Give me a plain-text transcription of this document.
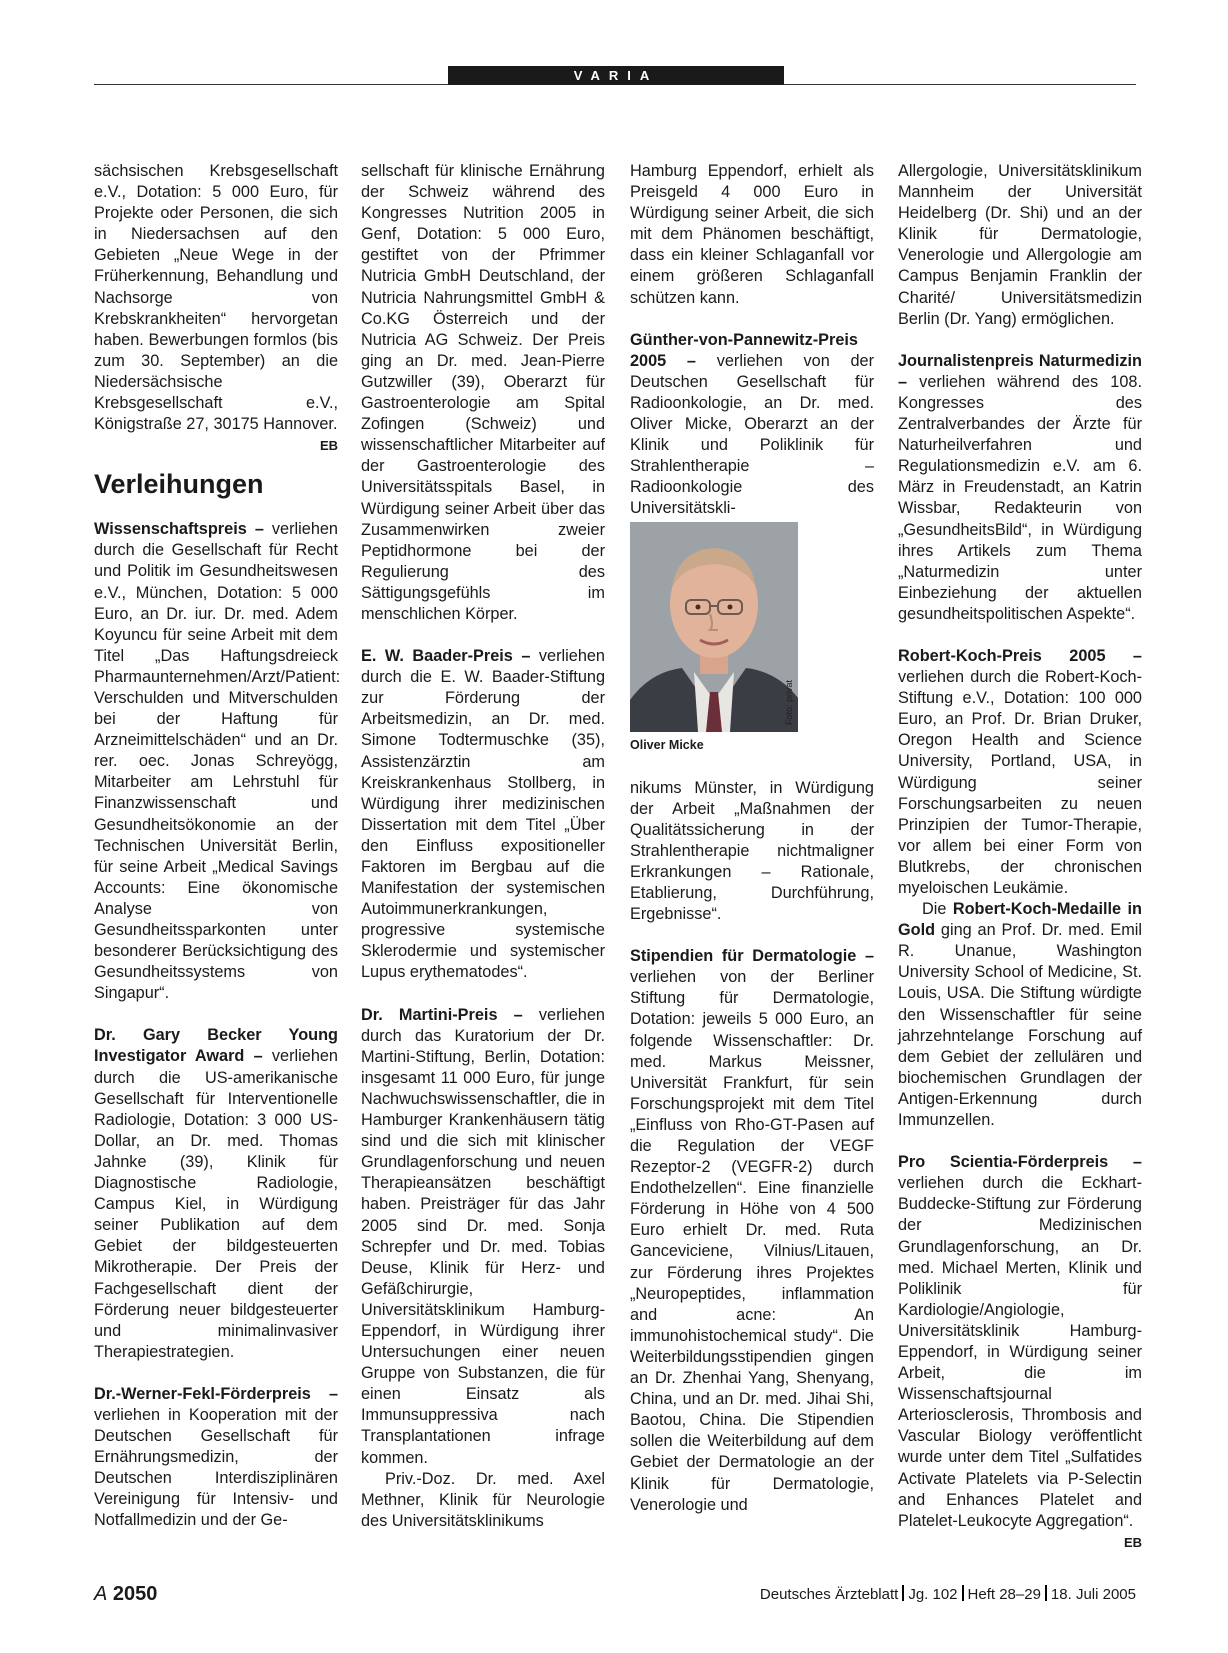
VARIA

sächsischen Krebsgesellschaft e.V., Dotation: 5 000 Euro, für Projekte oder Personen, die sich in Niedersachsen auf den Gebieten „Neue Wege in der Früherkennung, Behandlung und Nachsorge von Krebskrankheiten“ hervorgetan haben. Bewerbungen formlos (bis zum 30. September) an die Niedersächsische Krebsgesellschaft e.V., Königstraße 27, 30175 Hannover.
EB

Verleihungen

Wissenschaftspreis – verliehen durch die Gesellschaft für Recht und Politik im Gesundheitswesen e.V., München, Dotation: 5 000 Euro, an Dr. iur. Dr. med. Adem Koyuncu für seine Arbeit mit dem Titel „Das Haftungsdreieck Pharmaunternehmen/Arzt/Patient: Verschulden und Mitverschulden bei der Haftung für Arzneimittelschäden“ und an Dr. rer. oec. Jonas Schreyögg, Mitarbeiter am Lehrstuhl für Finanzwissenschaft und Gesundheitsökonomie an der Technischen Universität Berlin, für seine Arbeit „Medical Savings Accounts: Eine ökonomische Analyse von Gesundheitssparkonten unter besonderer Berücksichtigung des Gesundheitssystems von Singapur“.

Dr. Gary Becker Young Investigator Award – verliehen durch die US-amerikanische Gesellschaft für Interventionelle Radiologie, Dotation: 3 000 US-Dollar, an Dr. med. Thomas Jahnke (39), Klinik für Diagnostische Radiologie, Campus Kiel, in Würdigung seiner Publikation auf dem Gebiet der bildgesteuerten Mikrotherapie. Der Preis der Fachgesellschaft dient der Förderung neuer bildgesteuerter und minimalinvasiver Therapiestrategien.

Dr.-Werner-Fekl-Förderpreis – verliehen in Kooperation mit der Deutschen Gesellschaft für Ernährungsmedizin, der Deutschen Interdisziplinären Vereinigung für Intensiv- und Notfallmedizin und der Ge-

sellschaft für klinische Ernährung der Schweiz während des Kongresses Nutrition 2005 in Genf, Dotation: 5 000 Euro, gestiftet von der Pfrimmer Nutricia GmbH Deutschland, der Nutricia Nahrungsmittel GmbH & Co.KG Österreich und der Nutricia AG Schweiz. Der Preis ging an Dr. med. Jean-Pierre Gutzwiller (39), Oberarzt für Gastroenterologie am Spital Zofingen (Schweiz) und wissenschaftlicher Mitarbeiter auf der Gastroenterologie des Universitätsspitals Basel, in Würdigung seiner Arbeit über das Zusammenwirken zweier Peptidhormone bei der Regulierung des Sättigungsgefühls im menschlichen Körper.

E. W. Baader-Preis – verliehen durch die E. W. Baader-Stiftung zur Förderung der Arbeitsmedizin, an Dr. med. Simone Todtermuschke (35), Assistenzärztin am Kreiskrankenhaus Stollberg, in Würdigung ihrer medizinischen Dissertation mit dem Titel „Über den Einfluss expositioneller Faktoren im Bergbau auf die Manifestation der systemischen Autoimmunerkrankungen, progressive systemische Sklerodermie und systemischer Lupus erythematodes“.

Dr. Martini-Preis – verliehen durch das Kuratorium der Dr. Martini-Stiftung, Berlin, Dotation: insgesamt 11 000 Euro, für junge Nachwuchswissenschaftler, die in Hamburger Krankenhäusern tätig sind und die sich mit klinischer Grundlagenforschung und neuen Therapieansätzen beschäftigt haben. Preisträger für das Jahr 2005 sind Dr. med. Sonja Schrepfer und Dr. med. Tobias Deuse, Klinik für Herz- und Gefäßchirurgie, Universitätsklinikum Hamburg-Eppendorf, in Würdigung ihrer Untersuchungen einer neuen Gruppe von Substanzen, die für einen Einsatz als Immunsuppressiva nach Transplantationen infrage kommen.

Priv.-Doz. Dr. med. Axel Methner, Klinik für Neurologie des Universitätsklinikums

Hamburg Eppendorf, erhielt als Preisgeld 4 000 Euro in Würdigung seiner Arbeit, die sich mit dem Phänomen beschäftigt, dass ein kleiner Schlaganfall vor einem größeren Schlaganfall schützen kann.

Günther-von-Pannewitz-Preis 2005 – verliehen von der Deutschen Gesellschaft für Radioonkologie, an Dr. med. Oliver Micke, Oberarzt an der Klinik und Poliklinik für Strahlentherapie – Radioonkologie des Universitätskli-

Foto: privat
Oliver Micke

nikums Münster, in Würdigung der Arbeit „Maßnahmen der Qualitätssicherung in der Strahlentherapie nichtmaligner Erkrankungen – Rationale, Etablierung, Durchführung, Ergebnisse“.

Stipendien für Dermatologie – verliehen von der Berliner Stiftung für Dermatologie, Dotation: jeweils 5 000 Euro, an folgende Wissenschaftler: Dr. med. Markus Meissner, Universität Frankfurt, für sein Forschungsprojekt mit dem Titel „Einfluss von Rho-GT-Pasen auf die Regulation der VEGF Rezeptor-2 (VEGFR-2) durch Endothelzellen“. Eine finanzielle Förderung in Höhe von 4 500 Euro erhielt Dr. med. Ruta Ganceviciene, Vilnius/Litauen, zur Förderung ihres Projektes „Neuropeptides, inflammation and acne: An immunohistochemical study“. Die Weiterbildungsstipendien gingen an Dr. Zhenhai Yang, Shenyang, China, und an Dr. med. Jihai Shi, Baotou, China. Die Stipendien sollen die Weiterbildung auf dem Gebiet der Dermatologie an der Klinik für Dermatologie, Venerologie und

Allergologie, Universitätsklinikum Mannheim der Universität Heidelberg (Dr. Shi) und an der Klinik für Dermatologie, Venerologie und Allergologie am Campus Benjamin Franklin der Charité/ Universitätsmedizin Berlin (Dr. Yang) ermöglichen.

Journalistenpreis Naturmedizin – verliehen während des 108. Kongresses des Zentralverbandes der Ärzte für Naturheilverfahren und Regulationsmedizin e.V. am 6. März in Freudenstadt, an Katrin Wissbar, Redakteurin von „GesundheitsBild“, in Würdigung ihres Artikels zum Thema „Naturmedizin unter Einbeziehung der aktuellen gesundheitspolitischen Aspekte“.

Robert-Koch-Preis 2005 – verliehen durch die Robert-Koch-Stiftung e.V., Dotation: 100 000 Euro, an Prof. Dr. Brian Druker, Oregon Health and Science University, Portland, USA, in Würdigung seiner Forschungsarbeiten zu neuen Prinzipien der Tumor-Therapie, vor allem bei einer Form von Blutkrebs, der chronischen myeloischen Leukämie.

Die Robert-Koch-Medaille in Gold ging an Prof. Dr. med. Emil R. Unanue, Washington University School of Medicine, St. Louis, USA. Die Stiftung würdigte den Wissenschaftler für seine jahrzehntelange Forschung auf dem Gebiet der zellulären und biochemischen Grundlagen der Antigen-Erkennung durch Immunzellen.

Pro Scientia-Förderpreis – verliehen durch die Eckhart-Buddecke-Stiftung zur Förderung der Medizinischen Grundlagenforschung, an Dr. med. Michael Merten, Klinik und Poliklinik für Kardiologie/Angiologie, Universitätsklinik Hamburg-Eppendorf, in Würdigung seiner Arbeit, die im Wissenschaftsjournal Arteriosclerosis, Thrombosis and Vascular Biology veröffentlicht wurde unter dem Titel „Sulfatides Activate Platelets via P-Selectin and Enhances Platelet and Platelet-Leukocyte Aggregation“.
EB

A 2050	Deutsches Ärzteblatt Jg. 102 Heft 28–29 18. Juli 2005
